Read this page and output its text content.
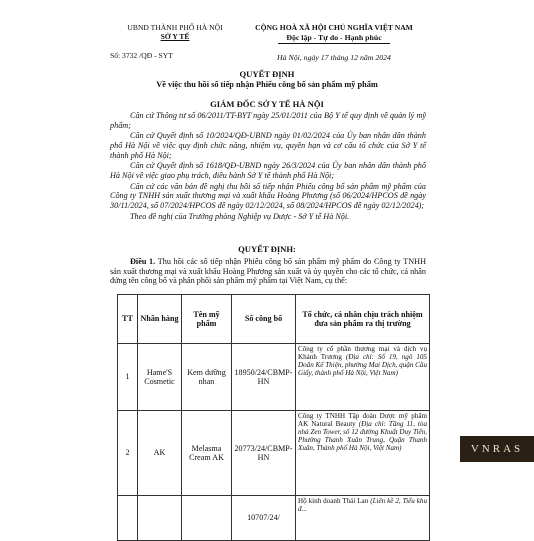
UBND THÀNH PHỐ HÀ NỘI
SỞ Y TẾ
Số: 3732 /QĐ - SYT
CỘNG HOÀ XÃ HỘI CHỦ NGHĨA VIỆT NAM
Độc lập - Tự do - Hạnh phúc
Hà Nội, ngày 17 tháng 12 năm 2024
QUYẾT ĐỊNH
Về việc thu hồi số tiếp nhận Phiếu công bố sản phẩm mỹ phẩm
GIÁM ĐỐC SỞ Y TẾ HÀ NỘI

Căn cứ Thông tư số 06/2011/TT-BYT ngày 25/01/2011 của Bộ Y tế quy định về quản lý mỹ phẩm;

Căn cứ Quyết định số 10/2024/QĐ-UBND ngày 01/02/2024 của Ủy ban nhân dân thành phố Hà Nội về việc quy định chức năng, nhiệm vụ, quyền hạn và cơ cấu tổ chức của Sở Y tế thành phố Hà Nội;

Căn cứ Quyết định số 1618/QĐ-UBND ngày 26/3/2024 của Ủy ban nhân dân thành phố Hà Nội về việc giao phụ trách, điều hành Sở Y tế thành phố Hà Nội;

Căn cứ các văn bản đề nghị thu hồi số tiếp nhận Phiếu công bố sản phẩm mỹ phẩm của Công ty TNHH sản xuất thương mại và xuất khẩu Hoàng Phương (số 06/2024/HPCOS đề ngày 30/11/2024, số 07/2024/HPCOS đề ngày 02/12/2024, số 08/2024/HPCOS đề ngày 02/12/2024);

Theo đề nghị của Trưởng phòng Nghiệp vụ Dược - Sở Y tế Hà Nội.

QUYẾT ĐỊNH:

Điều 1. Thu hồi các số tiếp nhận Phiếu công bố sản phẩm mỹ phẩm do Công ty TNHH sản xuất thương mại và xuất khẩu Hoàng Phương sản xuất và ủy quyền cho các tổ chức, cá nhân đứng tên công bố và phân phối sản phẩm mỹ phẩm tại Việt Nam, cụ thể:

TT	Nhãn hàng	Tên mỹ phẩm	Số công bố	Tổ chức, cá nhân chịu trách nhiệm đưa sản phẩm ra thị trường
1	Hame'S Cosmetic	Kem dưỡng nhan	18950/24/CBMP-HN	Công ty cổ phần thương mại và dịch vụ Khánh Trương (Địa chỉ: Số 19, ngõ 105 Doãn Kế Thiện, phường Mai Dịch, quận Cầu Giấy, thành phố Hà Nội, Việt Nam)
2	AK	Melasma Cream AK	20773/24/CBMP-HN	Công ty TNHH Tập đoàn Dược mỹ phẩm AK Natural Beauty (Địa chỉ: Tầng 11, tòa nhà Zen Tower, số 12 đường Khuất Duy Tiến, Phường Thanh Xuân Trung, Quận Thanh Xuân, Thành phố Hà Nội, Việt Nam)
			10707/24/	Hộ kinh doanh Thái Lan (Liên kề 2, Tiểu khu đ...
VNRAS
